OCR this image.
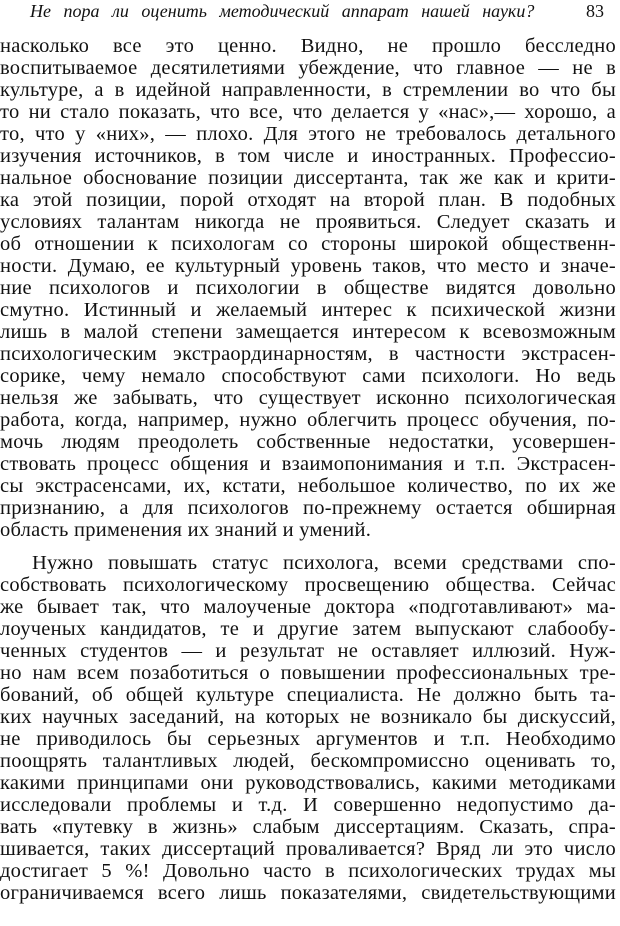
Не пора ли оценить методический аппарат нашей науки?	83
насколько все это ценно. Видно, не прошло бесследно
воспитываемое десятилетиями убеждение, что главное — не в
культуре, а в идейной направленности, в стремлении во что бы
то ни стало показать, что все, что делается у «нас»,— хорошо, а
то, что у «них», — плохо. Для этого не требовалось детального
изучения источников, в том числе и иностранных. Профессио-
нальное обоснование позиции диссертанта, так же как и крити-
ка этой позиции, порой отходят на второй план. В подобных
условиях талантам никогда не проявиться. Следует сказать и
об отношении к психологам со стороны широкой общественн-
ности. Думаю, ее культурный уровень таков, что место и значе-
ние психологов и психологии в обществе видятся довольно
смутно. Истинный и желаемый интерес к психической жизни
лишь в малой степени замещается интересом к всевозможным
психологическим экстраординарностям, в частности экстрасен-
сорике, чему немало способствуют сами психологи. Но ведь
нельзя же забывать, что существует исконно психологическая
работа, когда, например, нужно облегчить процесс обучения, по-
мочь людям преодолеть собственные недостатки, усовершен-
ствовать процесс общения и взаимопонимания и т.п. Экстрасен-
сы экстрасенсами, их, кстати, небольшое количество, по их же
признанию, а для психологов по-прежнему остается обширная
область применения их знаний и умений.
Нужно повышать статус психолога, всеми средствами спо-
собствовать психологическому просвещению общества. Сейчас
же бывает так, что малоученые доктора «подготавливают» ма-
лоученых кандидатов, те и другие затем выпускают слабообу-
ченных студентов — и результат не оставляет иллюзий. Нуж-
но нам всем позаботиться о повышении профессиональных тре-
бований, об общей культуре специалиста. Не должно быть та-
ких научных заседаний, на которых не возникало бы дискуссий,
не приводилось бы серьезных аргументов и т.п. Необходимо
поощрять талантливых людей, бескомпромиссно оценивать то,
какими принципами они руководствовались, какими методиками
исследовали проблемы и т.д. И совершенно недопустимо да-
вать «путевку в жизнь» слабым диссертациям. Сказать, спра-
шивается, таких диссертаций проваливается? Вряд ли это число
достигает 5 %! Довольно часто в психологических трудах мы
ограничиваемся всего лишь показателями, свидетельствующими
